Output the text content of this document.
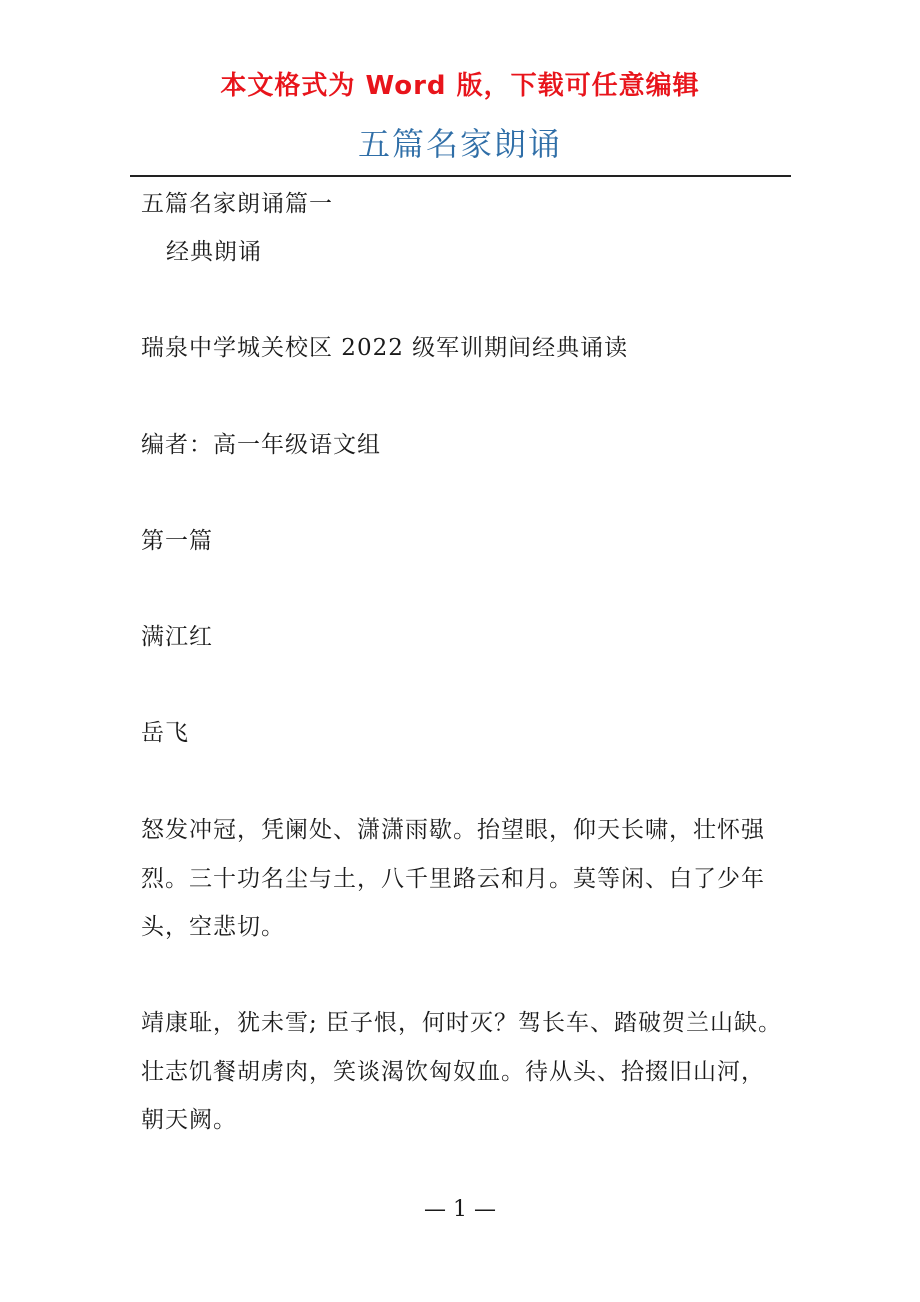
本文格式为 Word 版，下载可任意编辑
五篇名家朗诵

五篇名家朗诵篇一

经典朗诵

瑞泉中学城关校区 2022 级军训期间经典诵读

编者：高一年级语文组

第一篇

满江红

岳飞

怒发冲冠，凭阑处、潇潇雨歇。抬望眼，仰天长啸，壮怀强

烈。三十功名尘与土，八千里路云和月。莫等闲、白了少年

头，空悲切。

靖康耻，犹未雪; 臣子恨，何时灭？驾长车、踏破贺兰山缺。

壮志饥餐胡虏肉，笑谈渴饮匈奴血。待从头、拾掇旧山河，

朝天阙。

— 1 —
